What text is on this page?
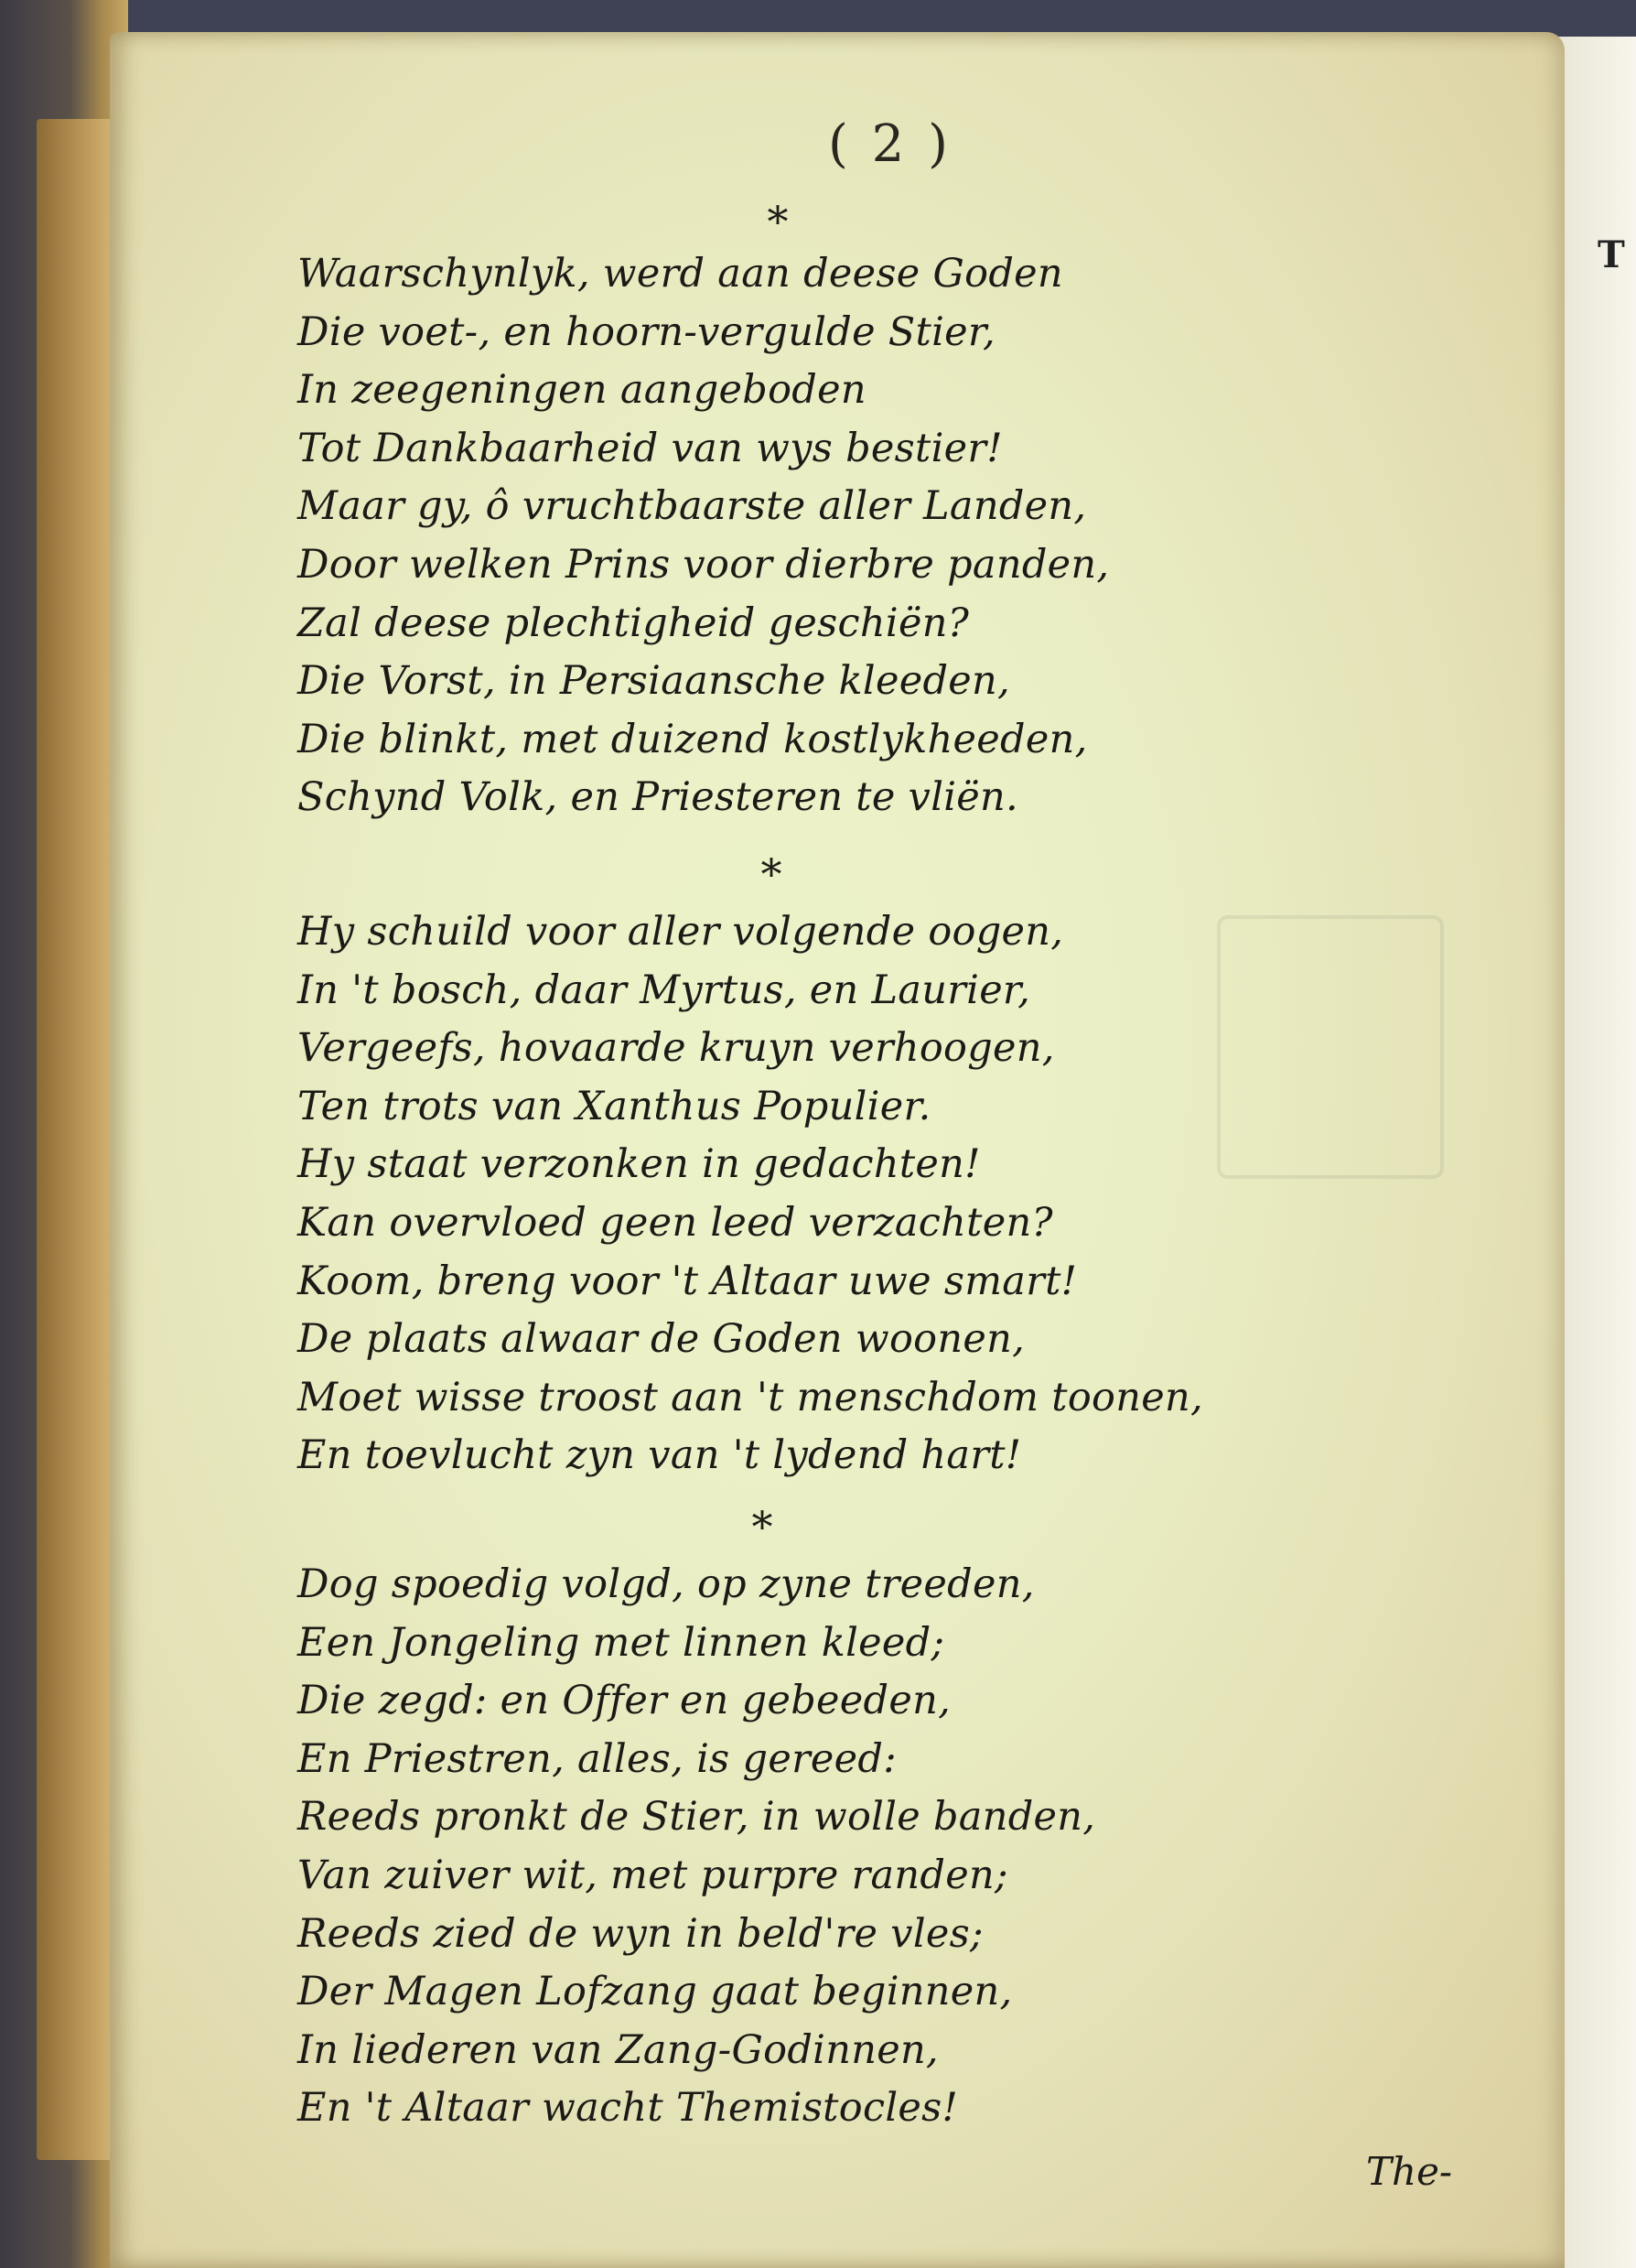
T
( 2 )
*
Waarschynlyk, werd aan deese Goden
Die voet-, en hoorn-vergulde Stier,
In zeegeningen aangeboden
Tot Dankbaarheid van wys bestier!
Maar gy, ô vruchtbaarste aller Landen,
Door welken Prins voor dierbre panden,
Zal deese plechtigheid geschiën?
Die Vorst, in Persiaansche kleeden,
Die blinkt, met duizend kostlykheeden,
Schynd Volk, en Priesteren te vliën.
*
Hy schuild voor aller volgende oogen,
In 't bosch, daar Myrtus, en Laurier,
Vergeefs, hovaarde kruyn verhoogen,
Ten trots van Xanthus Populier.
Hy staat verzonken in gedachten!
Kan overvloed geen leed verzachten?
Koom, breng voor 't Altaar uwe smart!
De plaats alwaar de Goden woonen,
Moet wisse troost aan 't menschdom toonen,
En toevlucht zyn van 't lydend hart!
*
Dog spoedig volgd, op zyne treeden,
Een Jongeling met linnen kleed;
Die zegd: en Offer en gebeeden,
En Priestren, alles, is gereed:
Reeds pronkt de Stier, in wolle banden,
Van zuiver wit, met purpre randen;
Reeds zied de wyn in beld're vles;
Der Magen Lofzang gaat beginnen,
In liederen van Zang-Godinnen,
En 't Altaar wacht Themistocles!
The-
